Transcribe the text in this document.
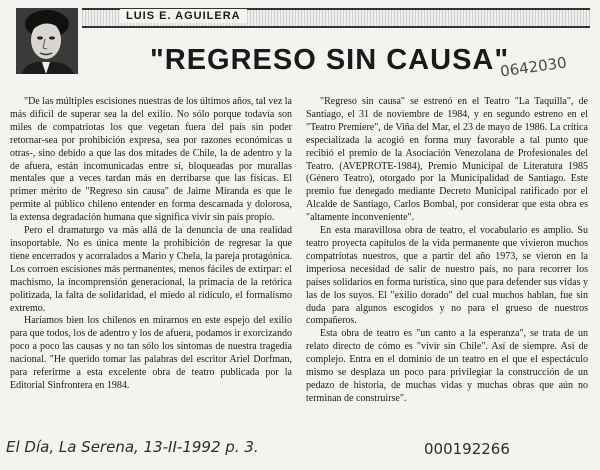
LUIS E. AGUILERA
"REGRESO SIN CAUSA"
0642030

"De las múltiples escisiones nuestras de los últimos años, tal vez la más difícil de superar sea la del exilio. No sólo porque todavía son miles de compatriotas los que vegetan fuera del país sin poder retornar-sea por prohibición expresa, sea por razones económicas u otras-, sino debido a que las dos mitades de Chile, la de adentro y la de afuera, están incomunicadas entre sí, bloqueadas por murallas mentales que a veces tardan más en derribarse que las físicas. El primer mérito de "Regreso sin causa" de Jaime Miranda es que le permite al público chileno entender en forma descarnada y dolorosa, la extensa degradación humana que significa vivir sin país propio.

Pero el dramaturgo va más allá de la denuncia de una realidad insoportable. No es única mente la prohibición de regresar la que tiene encerrados y acorralados a Mario y Chela, la pareja protagónica. Los corroen escisiones más permanentes, menos fáciles de extirpar: el machismo, la incomprensión generacional, la primacía de la retórica politizada, la falta de solidaridad, el miedo al ridículo, el formalismo extremo.

Haríamos bien los chilenos en mirarnos en este espejo del exilio para que todos, los de adentro y los de afuera, podamos ir exorcizando poco a poco las causas y no tan sólo los síntomas de nuestra tragedia nacional. "He querido tomar las palabras del escritor Ariel Dorfman, para referirme a esta excelente obra de teatro publicada por la Editorial Sinfrontera en 1984.

"Regreso sin causa" se estrenó en el Teatro "La Taquilla", de Santiago, el 31 de noviembre de 1984, y en segundo estreno en el "Teatro Premiere", de Viña del Mar, el 23 de mayo de 1986. La crítica especializada la acogió en forma muy favorable a tal punto que recibió el premio de la Asociación Venezolana de Profesionales del Teatro. (AVEPROTE-1984), Premio Municipal de Literatura 1985 (Género Teatro), otorgado por la Municipalidad de Santiago. Este premio fue denegado mediante Decreto Municipal ratificado por el Alcalde de Santiago, Carlos Bombal, por considerar que esta obra es "altamente inconveniente".

En esta maravillosa obra de teatro, el vocabulario es amplio. Su teatro proyecta capítulos de la vida permanente que vivieron muchos compatriotas nuestros, que a partir del año 1973, se vieron en la imperiosa necesidad de salir de nuestro país, no para recorrer los países solidarios en forma turística, sino que para defender sus vidas y las de los suyos. El "exilio dorado" del cual muchos hablan, fue sin duda para algunos escogidos y no para el grueso de nuestros compañeros.

Esta obra de teatro es "un canto a la esperanza", se trata de un relato directo de cómo es "vivir sin Chile". Así de siempre. Así de complejo. Entra en el dominio de un teatro en el que el espectáculo mismo se desplaza un poco para privilegiar la construcción de un pedazo de historia, de muchas vidas y muchas obras que aún no terminan de construirse".

El Día, La Serena, 13-II-1992 p. 3.	000192266
